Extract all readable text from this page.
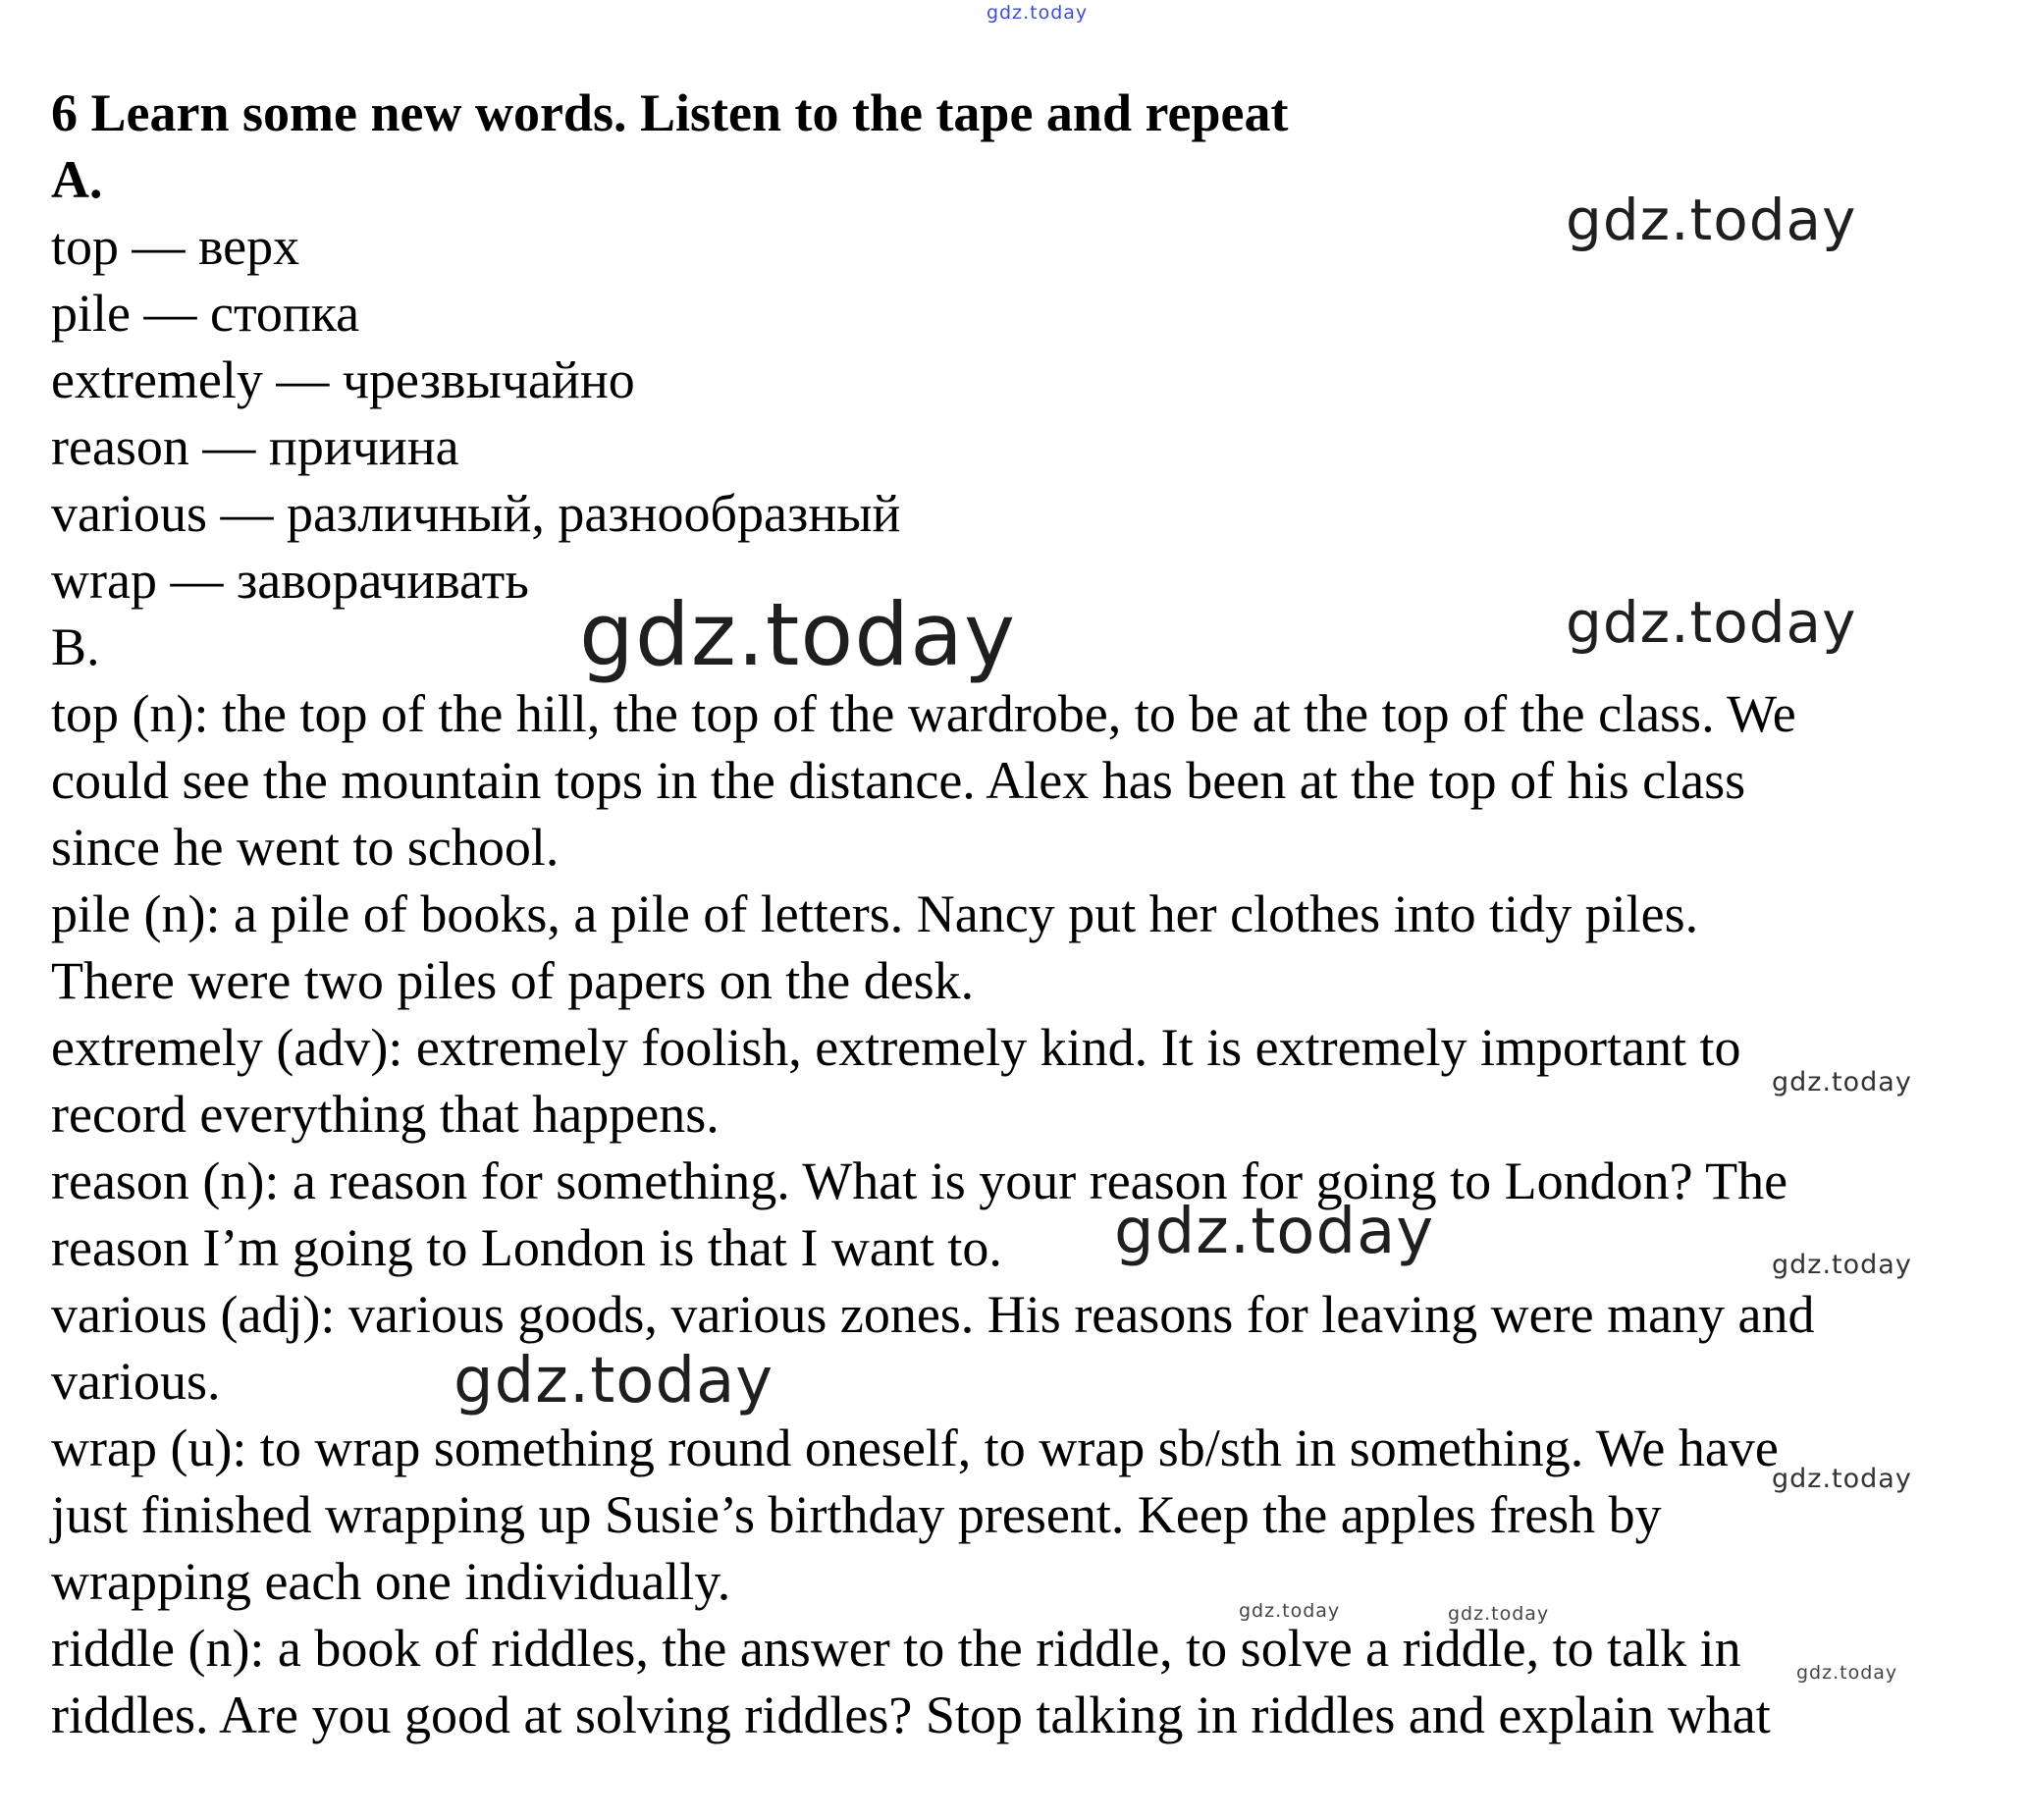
gdz.today
6 Learn some new words. Listen to the tape and repeat
A.
top — верх
pile — стопка
extremely — чрезвычайно
reason — причина
various — различный, разнообразный
wrap — заворачивать
B.
top (n): the top of the hill, the top of the wardrobe, to be at the top of the class. We
could see the mountain tops in the distance. Alex has been at the top of his class
since he went to school.
pile (n): a pile of books, a pile of letters. Nancy put her clothes into tidy piles.
There were two piles of papers on the desk.
extremely (adv): extremely foolish, extremely kind. It is extremely important to
record everything that happens.
reason (n): a reason for something. What is your reason for going to London? The
reason I’m going to London is that I want to.
various (adj): various goods, various zones. His reasons for leaving were many and
various.
wrap (u): to wrap something round oneself, to wrap sb/sth in something. We have
just finished wrapping up Susie’s birthday present. Keep the apples fresh by
wrapping each one individually.
riddle (n): a book of riddles, the answer to the riddle, to solve a riddle, to talk in
riddles. Are you good at solving riddles? Stop talking in riddles and explain what
gdz.today
gdz.today	gdz.today
gdz.today
gdz.today	gdz.today
gdz.today
gdz.today
gdz.today	gdz.today
gdz.today
